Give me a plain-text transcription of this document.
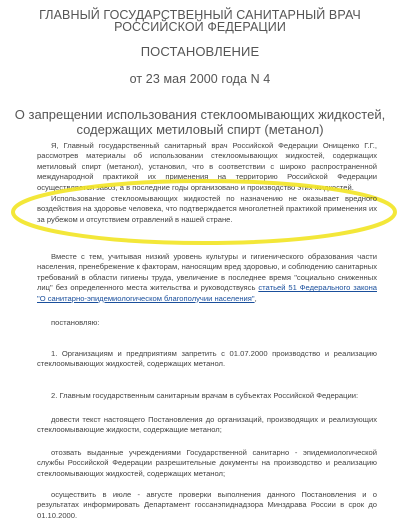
ГЛАВНЫЙ ГОСУДАРСТВЕННЫЙ САНИТАРНЫЙ ВРАЧ
РОССИЙСКОЙ ФЕДЕРАЦИИ
ПОСТАНОВЛЕНИЕ
от 23 мая 2000 года N 4
О запрещении использования стеклоомывающих жидкостей,
содержащих метиловый спирт (метанол)
Я, Главный государственный санитарный врач Российской Федерации Онищенко Г.Г., рассмотрев материалы об использовании стеклоомывающих жидкостей, содержащих метиловый спирт (метанол), установил, что в соответствии с широко распространенной международной практикой их применения на территорию Российской Федерации осуществляется завоз, а в последние годы организовано и производство этих жидкостей.
Использование стеклоомывающих жидкостей по назначению не оказывает вредного воздействия на здоровье человека, что подтверждается многолетней практикой применения их за рубежом и отсутствием отравлений в нашей стране.
Вместе с тем, учитывая низкий уровень культуры и гигиенического образования части населения, пренебрежение к факторам, наносящим вред здоровью, и соблюдению санитарных требований в области гигиены труда, увеличение в последнее время "социально сниженных лиц" без определенного места жительства и руководствуясь статьей 51 Федерального закона "О санитарно-эпидемиологическом благополучии населения",
постановляю:
1. Организациям и предприятиям запретить с 01.07.2000 производство и реализацию стеклоомывающих жидкостей, содержащих метанол.
2. Главным государственным санитарным врачам в субъектах Российской Федерации:
довести текст настоящего Постановления до организаций, производящих и реализующих стеклоомывающие жидкости, содержащие метанол;
отозвать выданные учреждениями Государственной санитарно - эпидемиологической службы Российской Федерации разрешительные документы на производство и реализацию стеклоомывающих жидкостей, содержащих метанол;
осуществить в июле - августе проверки выполнения данного Постановления и о результатах информировать Департамент госсанэпиднадзора Минздрава России в срок до 01.10.2000.
